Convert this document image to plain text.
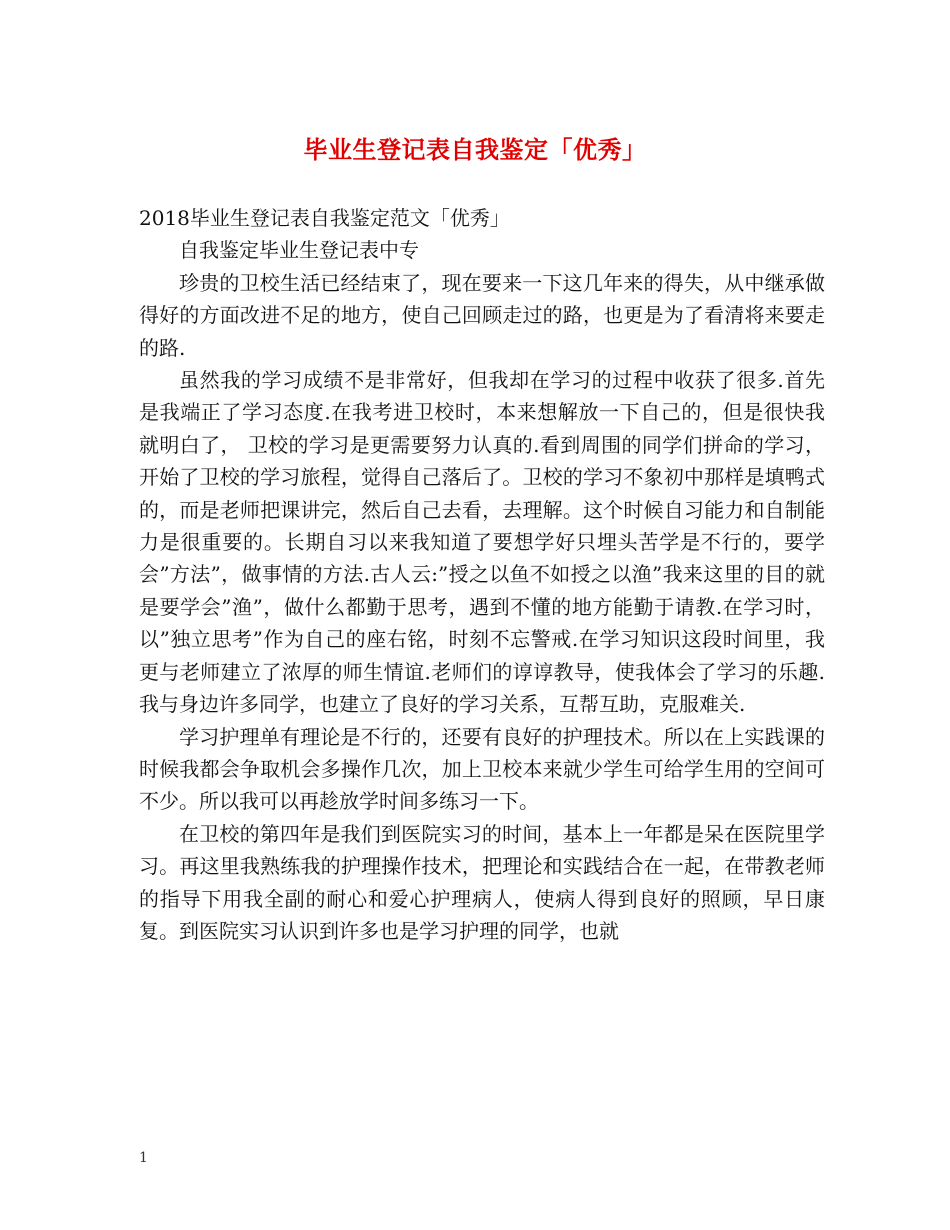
毕业生登记表自我鉴定「优秀」

2018毕业生登记表自我鉴定范文「优秀」

自我鉴定毕业生登记表中专

珍贵的卫校生活已经结束了，现在要来一下这几年来的得失，从中继承做得好的方面改进不足的地方，使自己回顾走过的路，也更是为了看清将来要走的路.

虽然我的学习成绩不是非常好，但我却在学习的过程中收获了很多.首先是我端正了学习态度.在我考进卫校时，本来想解放一下自己的，但是很快我就明白了， 卫校的学习是更需要努力认真的.看到周围的同学们拼命的学习，开始了卫校的学习旅程，觉得自己落后了。卫校的学习不象初中那样是填鸭式的，而是老师把课讲完，然后自己去看，去理解。这个时候自习能力和自制能力是很重要的。长期自习以来我知道了要想学好只埋头苦学是不行的，要学会”方法”，做事情的方法.古人云:”授之以鱼不如授之以渔”我来这里的目的就是要学会”渔”，做什么都勤于思考，遇到不懂的地方能勤于请教.在学习时，以”独立思考”作为自己的座右铭，时刻不忘警戒.在学习知识这段时间里，我更与老师建立了浓厚的师生情谊.老师们的谆谆教导，使我体会了学习的乐趣.我与身边许多同学，也建立了良好的学习关系，互帮互助，克服难关.

学习护理单有理论是不行的，还要有良好的护理技术。所以在上实践课的时候我都会争取机会多操作几次，加上卫校本来就少学生可给学生用的空间可不少。所以我可以再趁放学时间多练习一下。

在卫校的第四年是我们到医院实习的时间，基本上一年都是呆在医院里学习。再这里我熟练我的护理操作技术，把理论和实践结合在一起，在带教老师的指导下用我全副的耐心和爱心护理病人，使病人得到良好的照顾，早日康复。到医院实习认识到许多也是学习护理的同学，也就

1
